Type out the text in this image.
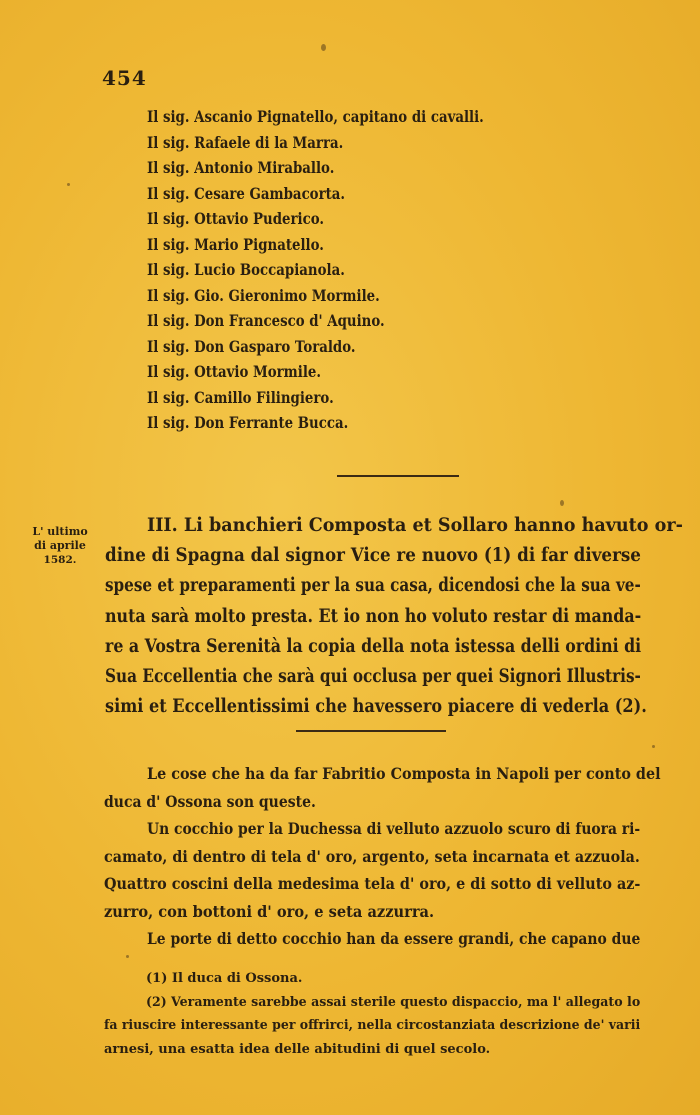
454
Il sig. Ascanio Pignatello, capitano di cavalli.
Il sig. Rafaele di la Marra.
Il sig. Antonio Miraballo.
Il sig. Cesare Gambacorta.
Il sig. Ottavio Puderico.
Il sig. Mario Pignatello.
Il sig. Lucio Boccapianola.
Il sig. Gio. Gieronimo Mormile.
Il sig. Don Francesco d' Aquino.
Il sig. Don Gasparo Toraldo.
Il sig. Ottavio Mormile.
Il sig. Camillo Filingiero.
Il sig. Don Ferrante Bucca.
L' ultimo
di aprile
1582.

III. Li banchieri Composta et Sollaro hanno havuto or-
dine di Spagna dal signor Vice re nuovo (1) di far diverse
spese et preparamenti per la sua casa, dicendosi che la sua ve-
nuta sarà molto presta. Et io non ho voluto restar di manda-
re a Vostra Serenità la copia della nota istessa delli ordini di
Sua Eccellentia che sarà qui occlusa per quei Signori Illustris-
simi et Eccellentissimi che havessero piacere di vederla (2).

Le cose che ha da far Fabritio Composta in Napoli per conto del
duca d' Ossona son queste.
Un cocchio per la Duchessa di velluto azzuolo scuro di fuora ri-
camato, di dentro di tela d' oro, argento, seta incarnata et azzuola.
Quattro coscini della medesima tela d' oro, e di sotto di velluto az-
zurro, con bottoni d' oro, e seta azzurra.
Le porte di detto cocchio han da essere grandi, che capano due

(1) Il duca di Ossona.
(2) Veramente sarebbe assai sterile questo dispaccio, ma l' allegato lo
fa riuscire interessante per offrirci, nella circostanziata descrizione de' varii
arnesi, una esatta idea delle abitudini di quel secolo.
